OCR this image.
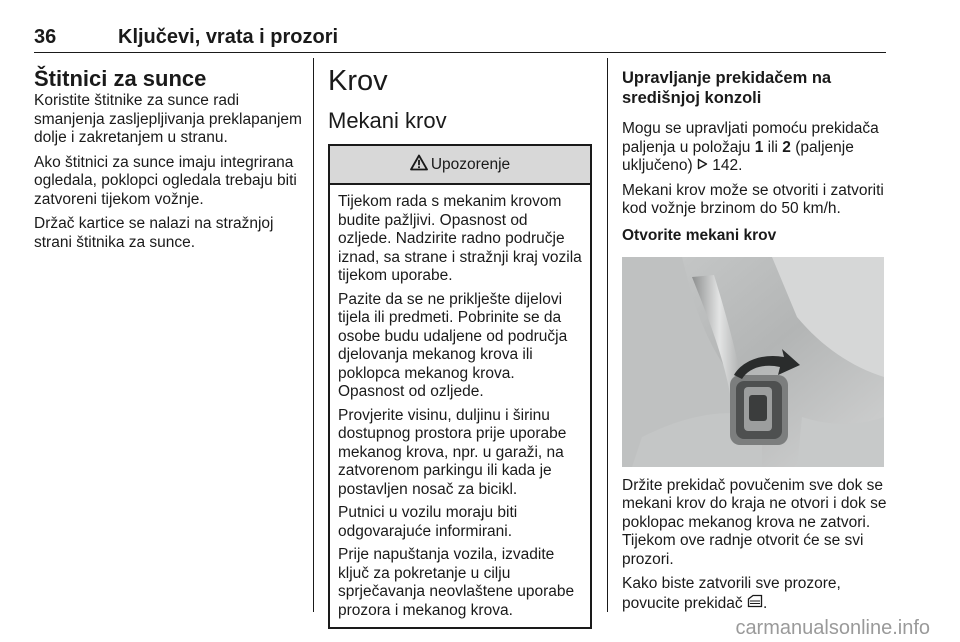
36	Ključevi, vrata i prozori
Štitnici za sunce

Koristite štitnike za sunce radi smanjenja zasljepljivanja preklapanjem dolje i zakretanjem u stranu.

Ako štitnici za sunce imaju integrirana ogledala, poklopci ogledala trebaju biti zatvoreni tijekom vožnje.

Držač kartice se nalazi na stražnjoj strani štitnika za sunce.

Krov
Mekani krov
Upozorenje

Tijekom rada s mekanim krovom budite pažljivi. Opasnost od ozljede. Nadzirite radno područje iznad, sa strane i stražnji kraj vozila tijekom uporabe.

Pazite da se ne priklješte dijelovi tijela ili predmeti. Pobrinite se da osobe budu udaljene od područja djelovanja mekanog krova ili poklopca mekanog krova. Opasnost od ozljede.

Provjerite visinu, duljinu i širinu dostupnog prostora prije uporabe mekanog krova, npr. u garaži, na zatvorenom parkingu ili kada je postavljen nosač za bicikl.

Putnici u vozilu moraju biti odgovarajuće informirani.

Prije napuštanja vozila, izvadite ključ za pokretanje u cilju sprječavanja neovlaštene uporabe prozora i mekanog krova.

Upravljanje prekidačem na središnjoj konzoli

Mogu se upravljati pomoću prekidača paljenja u položaju 1 ili 2 (paljenje uključeno)  142.

Mekani krov može se otvoriti i zatvoriti kod vožnje brzinom do 50 km/h.

Otvorite mekani krov

Držite prekidač povučenim sve dok se mekani krov do kraja ne otvori i dok se poklopac mekanog krova ne zatvori. Tijekom ove radnje otvorit će se svi prozori.

Kako biste zatvorili sve prozore, povucite prekidač .

carmanualsonline.info
